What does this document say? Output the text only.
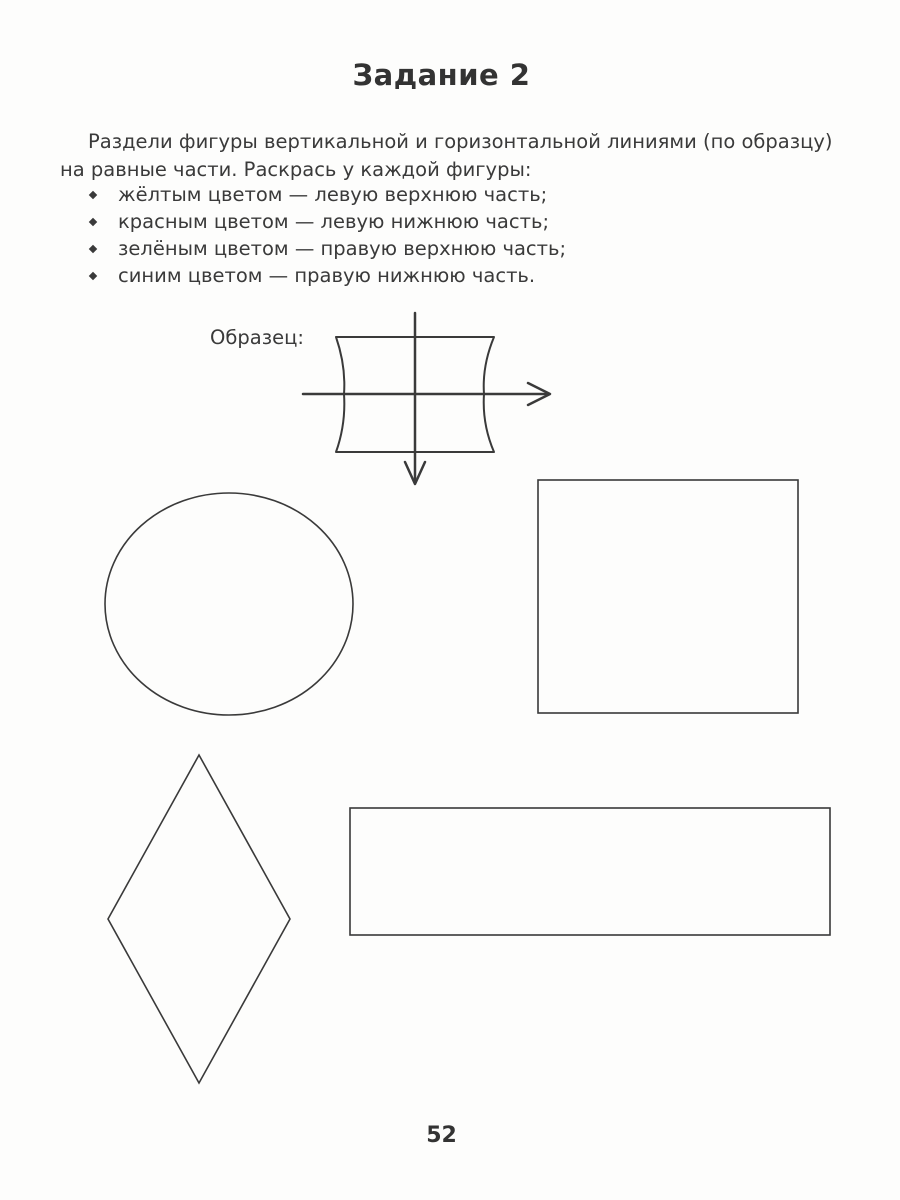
Задание 2

Раздели фигуры вертикальной и горизонтальной линиями (по образцу) на равные части. Раскрась у каждой фигуры:

жёлтым цветом — левую верхнюю часть;
красным цветом — левую нижнюю часть;
зелёным цветом — правую верхнюю часть;
синим цветом — правую нижнюю часть.
Образец:
52
